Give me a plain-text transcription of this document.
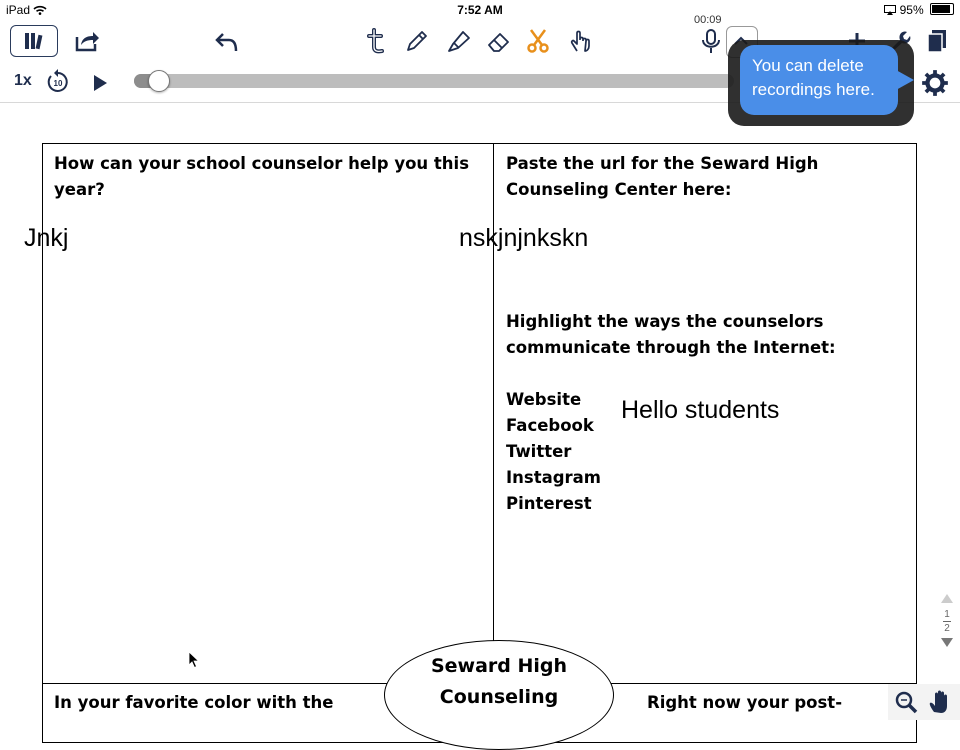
iPad	7:52 AM	95%
00:09
1x	10
You can delete
recordings here.
How can your school counselor help you this
year?
Paste the url for the Seward High
Counseling Center here:
Highlight the ways the counselors
communicate through the Internet:
Website
Facebook
Twitter
Instagram
Pinterest
In your favorite color with the	Right now your post-
Seward High
Counseling
Jnkj	nskjnjnkskn
Hello students
1
2
